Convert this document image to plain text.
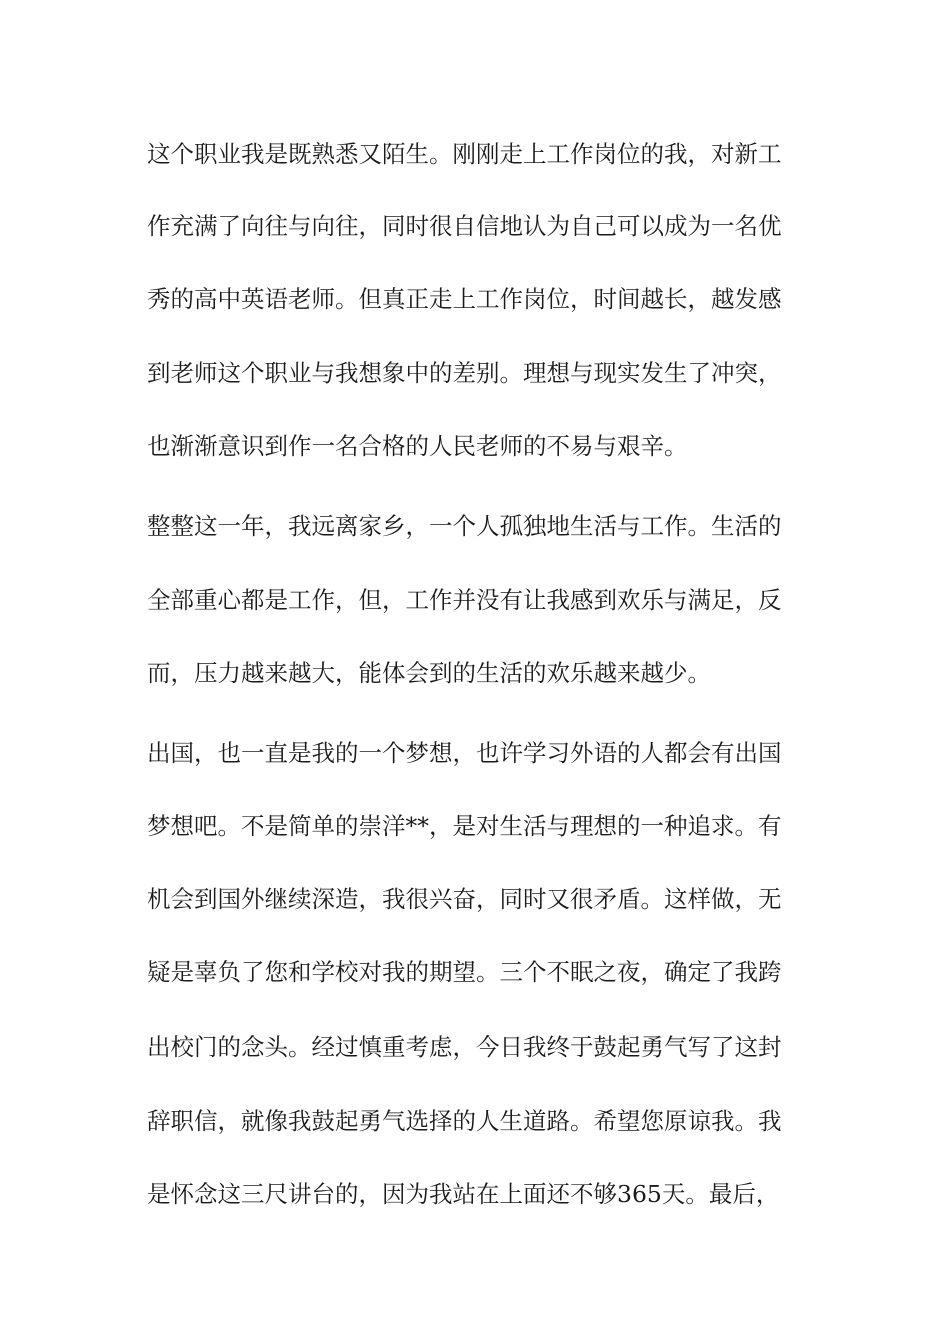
这个职业我是既熟悉又陌生。刚刚走上工作岗位的我，对新工
作充满了向往与向往，同时很自信地认为自己可以成为一名优
秀的高中英语老师。但真正走上工作岗位，时间越长，越发感
到老师这个职业与我想象中的差别。理想与现实发生了冲突，
也渐渐意识到作一名合格的人民老师的不易与艰辛。
整整这一年，我远离家乡，一个人孤独地生活与工作。生活的
全部重心都是工作，但，工作并没有让我感到欢乐与满足，反
而，压力越来越大，能体会到的生活的欢乐越来越少。
出国，也一直是我的一个梦想，也许学习外语的人都会有出国
梦想吧。不是简单的崇洋**，是对生活与理想的一种追求。有
机会到国外继续深造，我很兴奋，同时又很矛盾。这样做，无
疑是辜负了您和学校对我的期望。三个不眠之夜，确定了我跨
出校门的念头。经过慎重考虑，今日我终于鼓起勇气写了这封
辞职信，就像我鼓起勇气选择的人生道路。希望您原谅我。我
是怀念这三尺讲台的，因为我站在上面还不够365天。最后，
